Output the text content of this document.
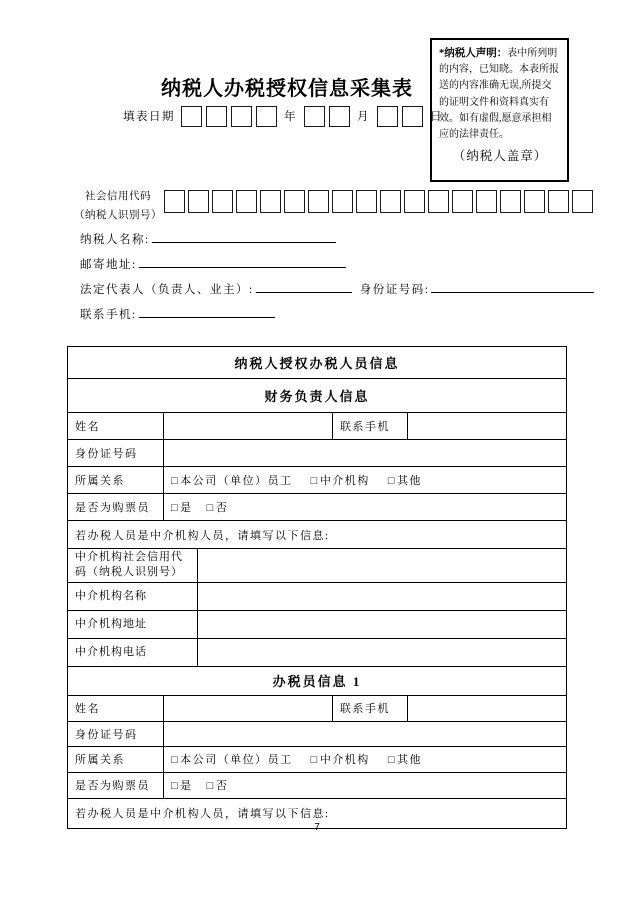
纳税人办税授权信息采集表
*纳税人声明：表中所列明的内容，已知晓。本表所报送的内容准确无误,所提交的证明文件和资料真实有效。如有虚假,愿意承担相应的法律责任。
（纳税人盖章）
填表日期	年	月	日
社会信用代码
（纳税人识别号）
纳税人名称:
邮寄地址:
法定代表人（负责人、业主）:	身份证号码:
联系手机:
纳税人授权办税人员信息
财务负责人信息
姓名	联系手机
身份证号码
所属关系	□本公司（单位）员工 □中介机构 □其他
是否为购票员	□是 □否
若办税人员是中介机构人员，请填写以下信息:
中介机构社会信用代码（纳税人识别号）
中介机构名称
中介机构地址
中介机构电话
办税员信息 1
姓名	联系手机
身份证号码
所属关系	□本公司（单位）员工 □中介机构 □其他
是否为购票员	□是 □否
若办税人员是中介机构人员，请填写以下信息:
7
